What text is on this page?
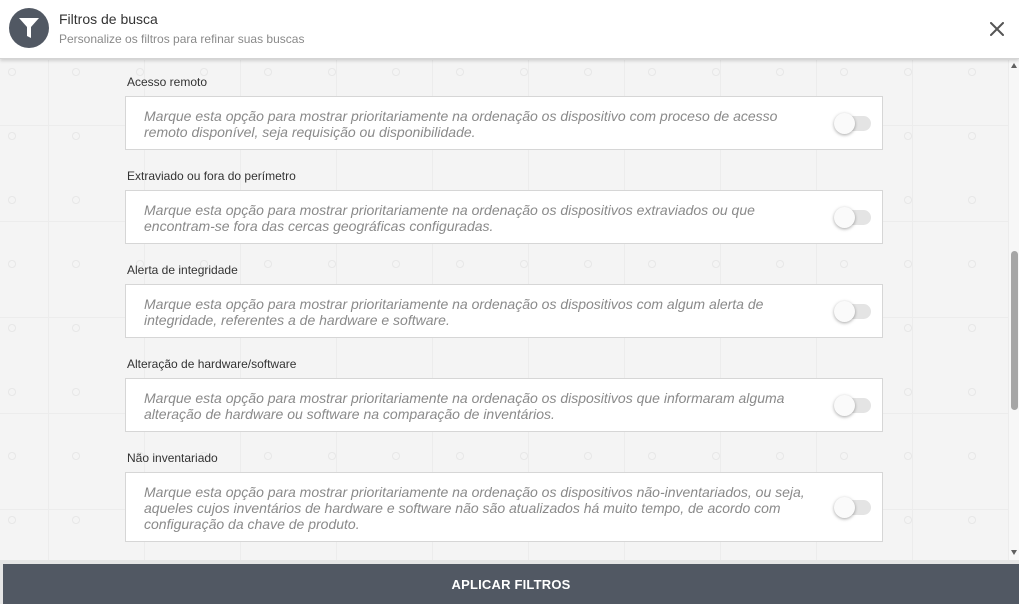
Filtros de busca
Personalize os filtros para refinar suas buscas
Acesso remoto
Marque esta opção para mostrar prioritariamente na ordenação os dispositivo com proceso de acesso remoto disponível, seja requisição ou disponibilidade.
Extraviado ou fora do perímetro
Marque esta opção para mostrar prioritariamente na ordenação os dispositivos extraviados ou que encontram-se fora das cercas geográficas configuradas.
Alerta de integridade
Marque esta opção para mostrar prioritariamente na ordenação os dispositivos com algum alerta de integridade, referentes a de hardware e software.
Alteração de hardware/software
Marque esta opção para mostrar prioritariamente na ordenação os dispositivos que informaram alguma alteração de hardware ou software na comparação de inventários.
Não inventariado
Marque esta opção para mostrar prioritariamente na ordenação os dispositivos não-inventariados, ou seja, aqueles cujos inventários de hardware e software não são atualizados há muito tempo, de acordo com configuração da chave de produto.
APLICAR FILTROS
